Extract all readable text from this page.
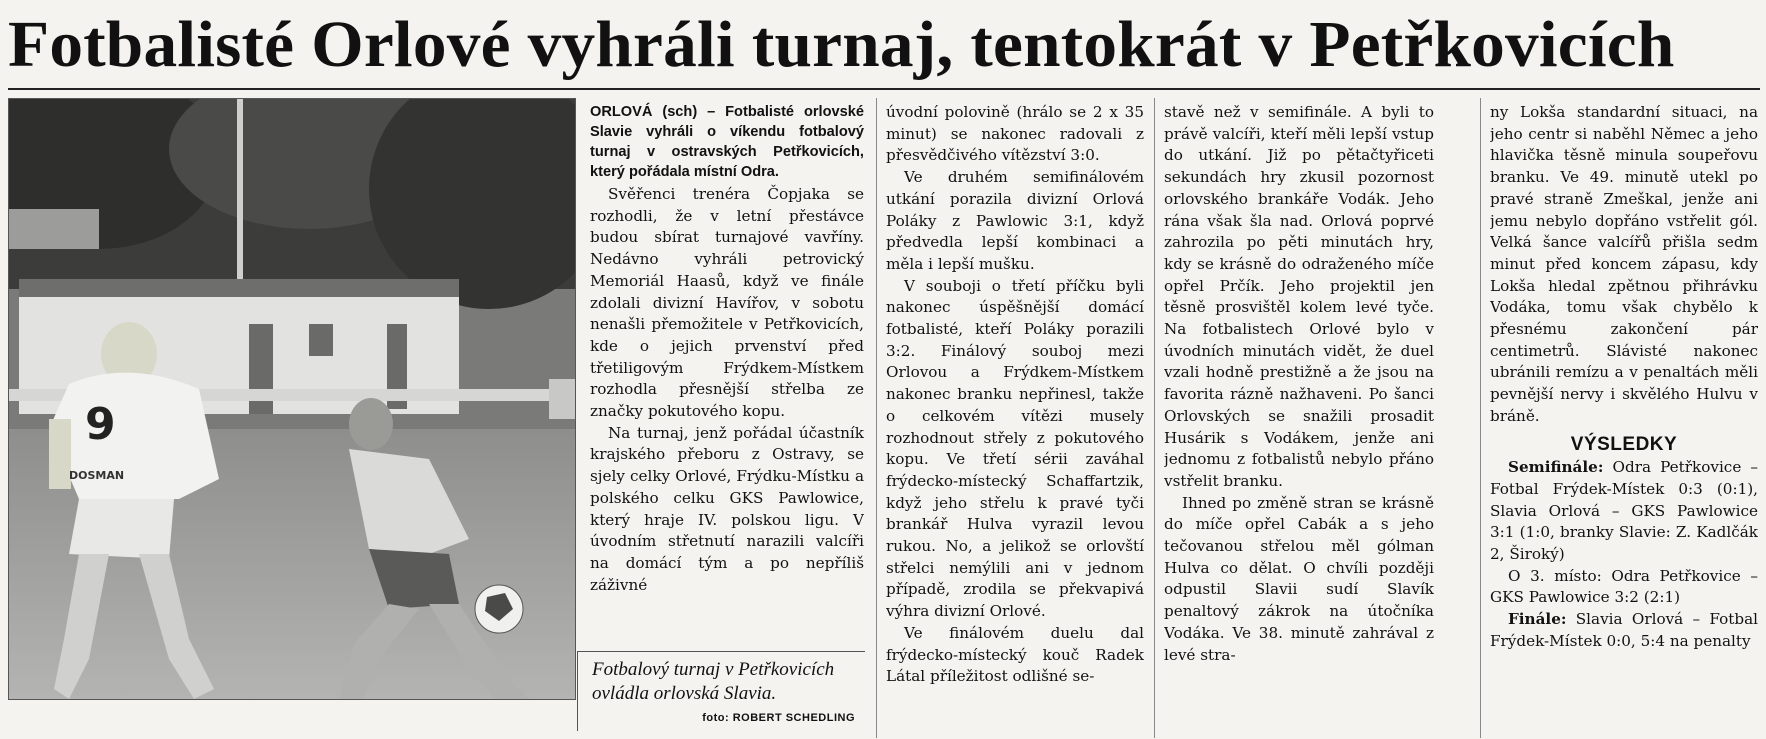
Fotbalisté Orlové vyhráli turnaj, tentokrát v Petřkovicích
9
DOSMAN
Fotbalový turnaj v Petřkovicích ovládla orlovská Slavia.
foto: ROBERT SCHEDLING

ORLOVÁ (sch) – Fotbalisté orlovské Slavie vyhráli o víkendu fotbalový turnaj v ostravských Petřkovicích, který pořádala místní Odra.

Svěřenci trenéra Čopjaka se rozhodli, že v letní přestávce budou sbírat turnajové vavříny. Nedávno vyhráli petrovický Memoriál Haasů, když ve finále zdolali divizní Havířov, v sobotu nenašli přemožitele v Petřkovicích, kde o jejich prvenství před třetiligovým Frýdkem-Místkem rozhodla přesnější střelba ze značky pokutového kopu.

Na turnaj, jenž pořádal účastník krajského přeboru z Ostravy, se sjely celky Orlové, Frýdku-Místku a polského celku GKS Pawlowice, který hraje IV. polskou ligu. V úvodním střetnutí narazili valcíři na domácí tým a po nepříliš záživné

úvodní polovině (hrálo se 2 x 35 minut) se nakonec radovali z přesvědčivého vítězství 3:0.

Ve druhém semifinálovém utkání porazila divizní Orlová Poláky z Pawlowic 3:1, když předvedla lepší kombinaci a měla i lepší mušku.

V souboji o třetí příčku byli nakonec úspěšnější domácí fotbalisté, kteří Poláky porazili 3:2. Finálový souboj mezi Orlovou a Frýdkem-Místkem nakonec branku nepřinesl, takže o celkovém vítězi musely rozhodnout střely z pokutového kopu. Ve třetí sérii zaváhal frýdecko-místecký Schaffartzik, když jeho střelu k pravé tyči brankář Hulva vyrazil levou rukou. No, a jelikož se orlovští střelci nemýlili ani v jednom případě, zrodila se překvapivá výhra divizní Orlové.

Ve finálovém duelu dal frýdecko-místecký kouč Radek Látal příležitost odlišné se-

stavě než v semifinále. A byli to právě valcíři, kteří měli lepší vstup do utkání. Již po pětačtyřiceti sekundách hry zkusil pozornost orlovského brankáře Vodák. Jeho rána však šla nad. Orlová poprvé zahrozila po pěti minutách hry, kdy se krásně do odraženého míče opřel Prčík. Jeho projektil jen těsně prosvištěl kolem levé tyče. Na fotbalistech Orlové bylo v úvodních minutách vidět, že duel vzali hodně prestižně a že jsou na favorita rázně nažhaveni. Po šanci Orlovských se snažili prosadit Husárik s Vodákem, jenže ani jednomu z fotbalistů nebylo přáno vstřelit branku.

Ihned po změně stran se krásně do míče opřel Cabák a s jeho tečovanou střelou měl gólman Hulva co dělat. O chvíli později odpustil Slavii sudí Slavík penaltový zákrok na útočníka Vodáka. Ve 38. minutě zahrával z levé stra-

ny Lokša standardní situaci, na jeho centr si naběhl Němec a jeho hlavička těsně minula soupeřovu branku. Ve 49. minutě utekl po pravé straně Zmeškal, jenže ani jemu nebylo dopřáno vstřelit gól. Velká šance valcířů přišla sedm minut před koncem zápasu, kdy Lokša hledal zpětnou přihrávku Vodáka, tomu však chybělo k přesnému zakončení pár centimetrů. Slávisté nakonec ubránili remízu a v penaltách měli pevnější nervy i skvělého Hulvu v bráně.

VÝSLEDKY

Semifinále: Odra Petřkovice – Fotbal Frýdek-Místek 0:3 (0:1), Slavia Orlová – GKS Pawlowice 3:1 (1:0, branky Slavie: Z. Kadlčák 2, Široký)

O 3. místo: Odra Petřkovice – GKS Pawlowice 3:2 (2:1)

Finále: Slavia Orlová – Fotbal Frýdek-Místek 0:0, 5:4 na penalty
